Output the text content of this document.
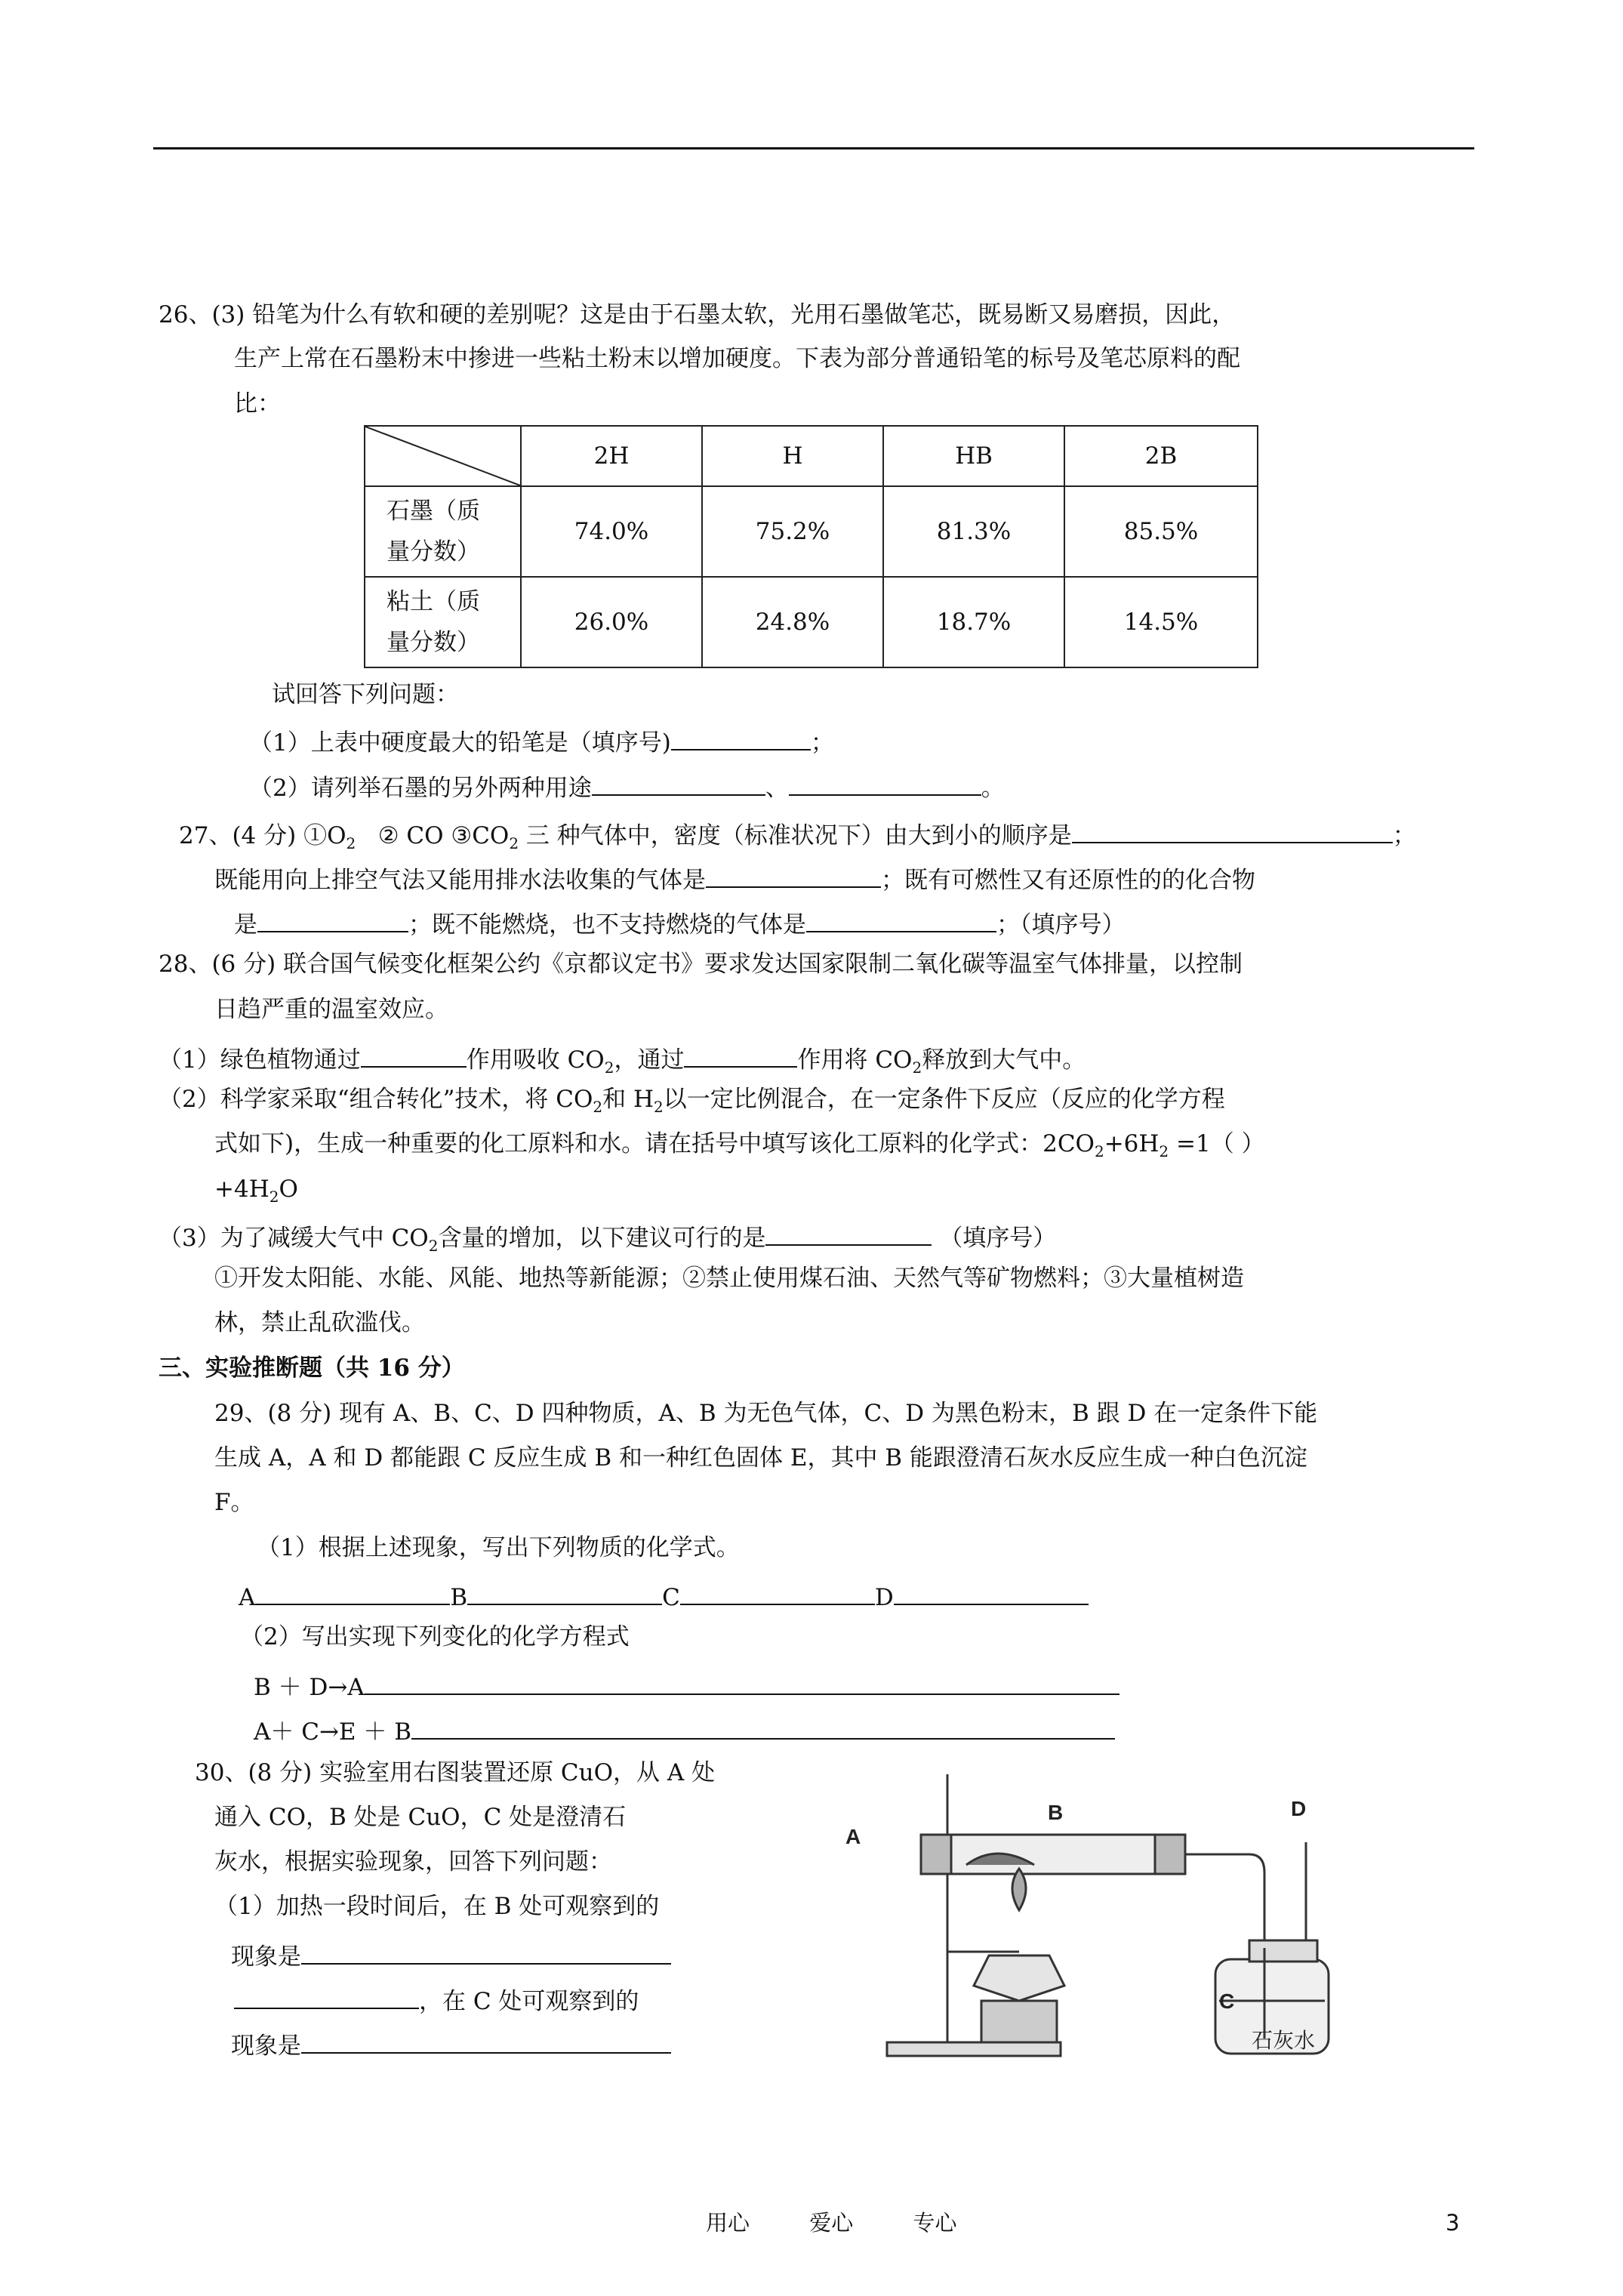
26、(3) 铅笔为什么有软和硬的差别呢？这是由于石墨太软，光用石墨做笔芯，既易断又易磨损，因此，
生产上常在石墨粉末中掺进一些粘土粉末以增加硬度。下表为部分普通铅笔的标号及笔芯原料的配
比：
	2H	H	HB	2B
石墨（质
量分数）	74.0%	75.2%	81.3%	85.5%
粘土（质
量分数）	26.0%	24.8%	18.7%	14.5%
试回答下列问题：
（1）上表中硬度最大的铅笔是（填序号)	；
（2）请列举石墨的另外两种用途	、	。
27、(4 分) $①O_2$ ② CO $③CO_2$ 三 种气体中，密度（标准状况下）由大到小的顺序是	；
既能用向上排空气法又能用排水法收集的气体是	；既有可燃性又有还原性的的化合物
是	；既不能燃烧，也不支持燃烧的气体是	；（填序号）
28、(6 分) 联合国气候变化框架公约《京都议定书》要求发达国家限制二氧化碳等温室气体排量，以控制
日趋严重的温室效应。
（1）绿色植物通过	作用吸收 $CO_2$，通过	作用将 $CO_2$释放到大气中。
（2）科学家采取“组合转化”技术，将 $CO_2$和 $H_2$以一定比例混合，在一定条件下反应（反应的化学方程
式如下)，生成一种重要的化工原料和水。请在括号中填写该化工原料的化学式：$2CO_2+6H_2 =1$（ ）
$+4H_2O$
（3）为了减缓大气中 $CO_2$含量的增加，以下建议可行的是	（填序号）
①开发太阳能、水能、风能、地热等新能源；②禁止使用煤石油、天然气等矿物燃料；③大量植树造
林，禁止乱砍滥伐。
三、实验推断题（共 16 分）
29、(8 分) 现有 A、B、C、D 四种物质，A、B 为无色气体，C、D 为黑色粉末，B 跟 D 在一定条件下能
生成 A，A 和 D 都能跟 C 反应生成 B 和一种红色固体 E，其中 B 能跟澄清石灰水反应生成一种白色沉淀
F。
（1）根据上述现象，写出下列物质的化学式。
A	B	C	D
（2）写出实现下列变化的化学方程式
B ＋ D→A
A＋ C→E ＋ B
30、(8 分) 实验室用右图装置还原 CuO，从 A 处
通入 CO，B 处是 CuO，C 处是澄清石
灰水，根据实验现象，回答下列问题：
（1）加热一段时间后，在 B 处可观察到的
现象是
，在 C 处可观察到的
现象是
A
B	D
C
石灰水
用心	爱心	专心	3
